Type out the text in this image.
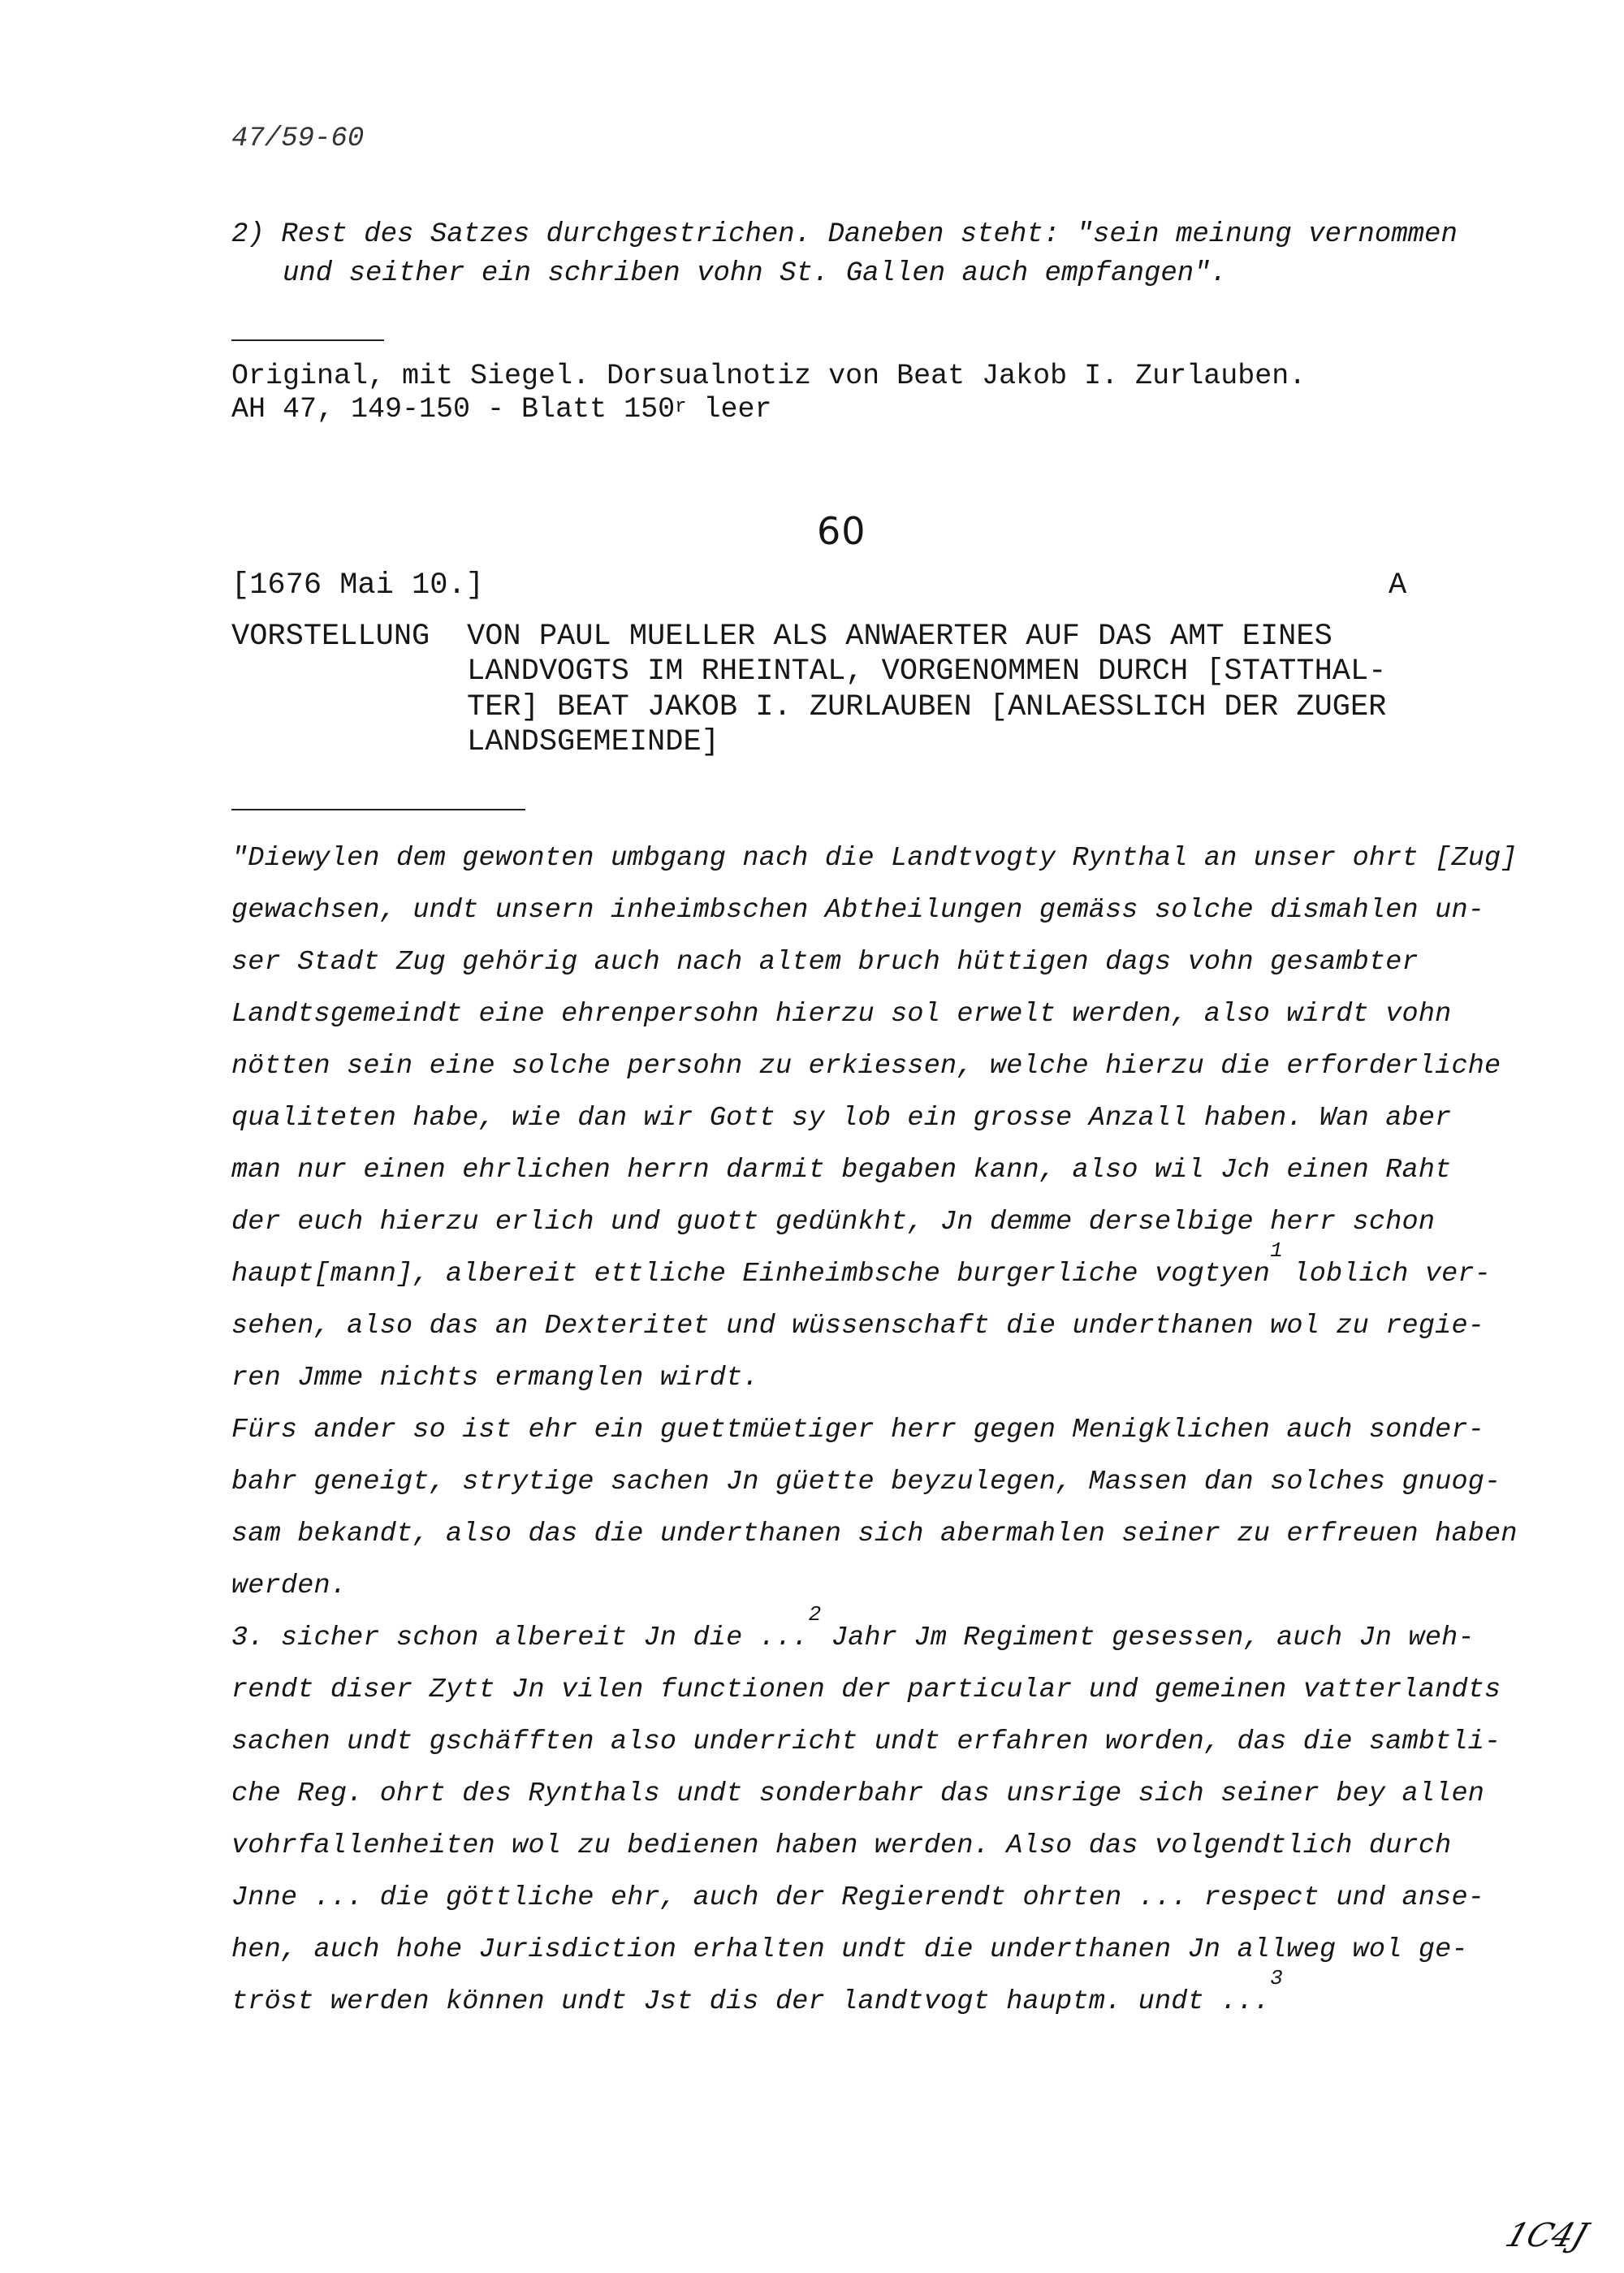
47/59-60
2) Rest des Satzes durchgestrichen. Daneben steht: "sein meinung vernommen
und seither ein schriben vohn St. Gallen auch empfangen".
Original, mit Siegel. Dorsualnotiz von Beat Jakob I. Zurlauben.
AH 47, 149-150 - Blatt 150$^r$ leer
60
[1676 Mai 10.]	A
VORSTELLUNG VON PAUL MUELLER ALS ANWAERTER AUF DAS AMT EINES
LANDVOGTS IM RHEINTAL, VORGENOMMEN DURCH [STATTHAL-
TER] BEAT JAKOB I. ZURLAUBEN [ANLAESSLICH DER ZUGER
LANDSGEMEINDE]
"Diewylen dem gewonten umbgang nach die Landtvogty Rynthal an unser ohrt [Zug]
gewachsen, undt unsern inheimbschen Abtheilungen gemäss solche dismahlen un-
ser Stadt Zug gehörig auch nach altem bruch hüttigen dags vohn gesambter
Landtsgemeindt eine ehrenpersohn hierzu sol erwelt werden, also wirdt vohn
nötten sein eine solche persohn zu erkiessen, welche hierzu die erforderliche
qualiteten habe, wie dan wir Gott sy lob ein grosse Anzall haben. Wan aber
man nur einen ehrlichen herrn darmit begaben kann, also wil Jch einen Raht
der euch hierzu erlich und guott gedünkht, Jn demme derselbige herr schon
haupt[mann], albereit ettliche Einheimbsche burgerliche vogtyen1 loblich ver-
sehen, also das an Dexteritet und wüssenschaft die underthanen wol zu regie-
ren Jmme nichts ermanglen wirdt.
Fürs ander so ist ehr ein guettmüetiger herr gegen Menigklichen auch sonder-
bahr geneigt, strytige sachen Jn güette beyzulegen, Massen dan solches gnuog-
sam bekandt, also das die underthanen sich abermahlen seiner zu erfreuen haben
werden.
3. sicher schon albereit Jn die ...2 Jahr Jm Regiment gesessen, auch Jn weh-
rendt diser Zytt Jn vilen functionen der particular und gemeinen vatterlandts
sachen undt gschäfften also underricht undt erfahren worden, das die sambtli-
che Reg. ohrt des Rynthals undt sonderbahr das unsrige sich seiner bey allen
vohrfallenheiten wol zu bedienen haben werden. Also das volgendtlich durch
Jnne ... die göttliche ehr, auch der Regierendt ohrten ... respect und anse-
hen, auch hohe Jurisdiction erhalten undt die underthanen Jn allweg wol ge-
tröst werden können undt Jst dis der landtvogt hauptm. undt ...3
1C4J
